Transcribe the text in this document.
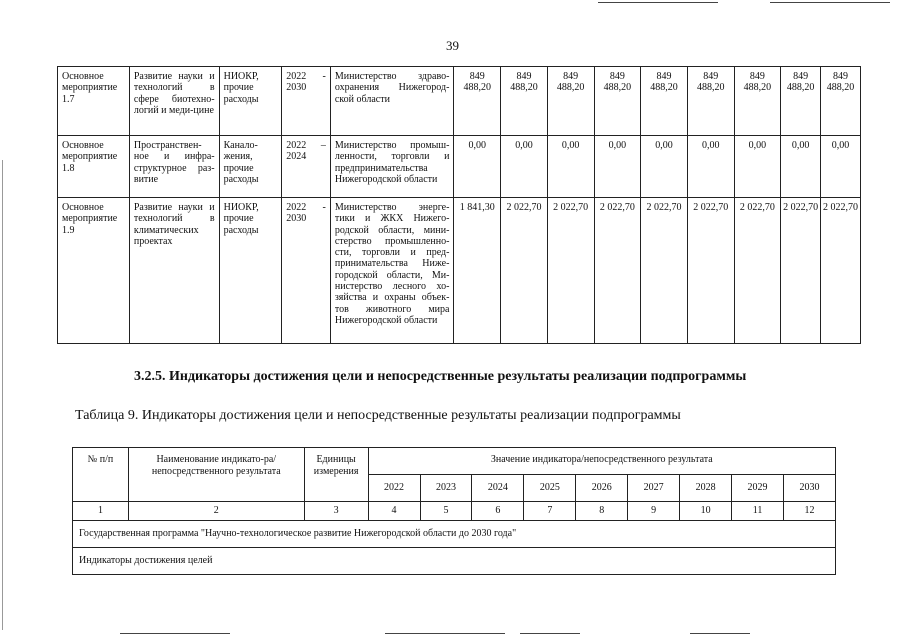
39
Основное мероприятие 1.7	Развитие науки и технологий в сфере биотехно-логий и меди-цине	НИОКР, прочие расходы	2022 - 2030	Министерство здраво-охранения Нижегород-ской области	849 488,20	849 488,20	849 488,20	849 488,20	849 488,20	849 488,20	849 488,20	849 488,20	849 488,20
Основное мероприятие 1.8	Пространствен-ное и инфра-структурное раз-витие	Канало-жения, прочие расходы	2022 – 2024	Министерство промыш-ленности, торговли и предпринимательства Нижегородской области	0,00	0,00	0,00	0,00	0,00	0,00	0,00	0,00	0,00
Основное мероприятие 1.9	Развитие науки и технологий в климатических проектах	НИОКР, прочие расходы	2022 - 2030	Министерство энерге-тики и ЖКХ Нижего-родской области, мини-стерство промышленно-сти, торговли и пред-принимательства Ниже-городской области, Ми-нистерство лесного хо-зяйства и охраны объек-тов животного мира Нижегородской области	1 841,30	2 022,70	2 022,70	2 022,70	2 022,70	2 022,70	2 022,70	2 022,70	2 022,70
3.2.5. Индикаторы достижения цели и непосредственные результаты реализации подпрограммы
Таблица 9. Индикаторы достижения цели и непосредственные результаты реализации подпрограммы
№ п/п	Наименование индикато-ра/непосредственного результата	Единицы измерения	Значение индикатора/непосредственного результата								
			2022	2023	2024	2025	2026	2027	2028	2029	2030
1	2	3	4	5	6	7	8	9	10	11	12
Государственная программа "Научно-технологическое развитие Нижегородской области до 2030 года"											
Индикаторы достижения целей											
